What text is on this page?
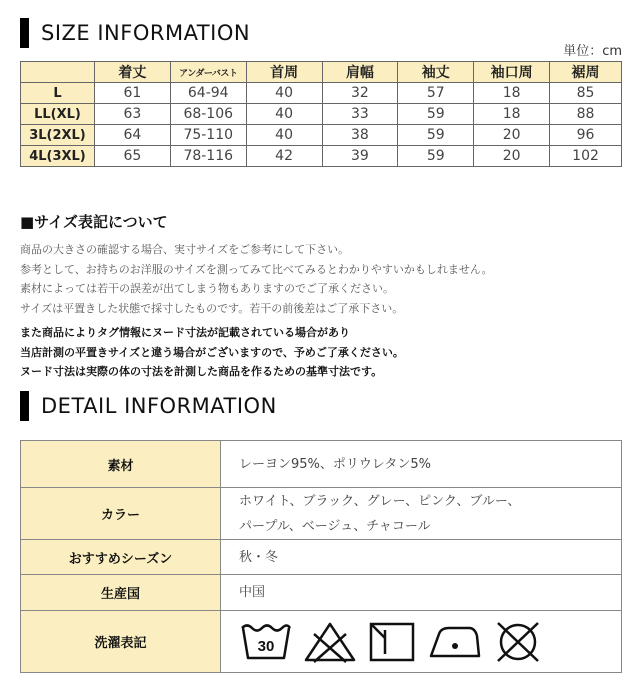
SIZE INFORMATION
単位：cm
	着丈	アンダーバスト	首周	肩幅	袖丈	袖口周	裾周
L	61	64-94	40	32	57	18	85
LL(XL)	63	68-106	40	33	59	18	88
3L(2XL)	64	75-110	40	38	59	20	96
4L(3XL)	65	78-116	42	39	59	20	102
■サイズ表記について
商品の大きさの確認する場合、実寸サイズをご参考にして下さい。
参考として、お持ちのお洋服のサイズを測ってみて比べてみるとわかりやすいかもしれません。
素材によっては若干の誤差が出てしまう物もありますのでご了承ください。
サイズは平置きした状態で採寸したものです。若干の前後差はご了承下さい。
また商品によりタグ情報にヌード寸法が記載されている場合があり
当店計測の平置きサイズと違う場合がございますので、予めご了承ください。
ヌード寸法は実際の体の寸法を計測した商品を作るための基準寸法です。
DETAIL INFORMATION
素材	レーヨン95%、ポリウレタン5%

カラー	ホワイト、ブラック、グレー、ピンク、ブルー、
パープル、ベージュ、チャコール

おすすめシーズン	秋・冬

生産国	中国

洗濯表記	30
